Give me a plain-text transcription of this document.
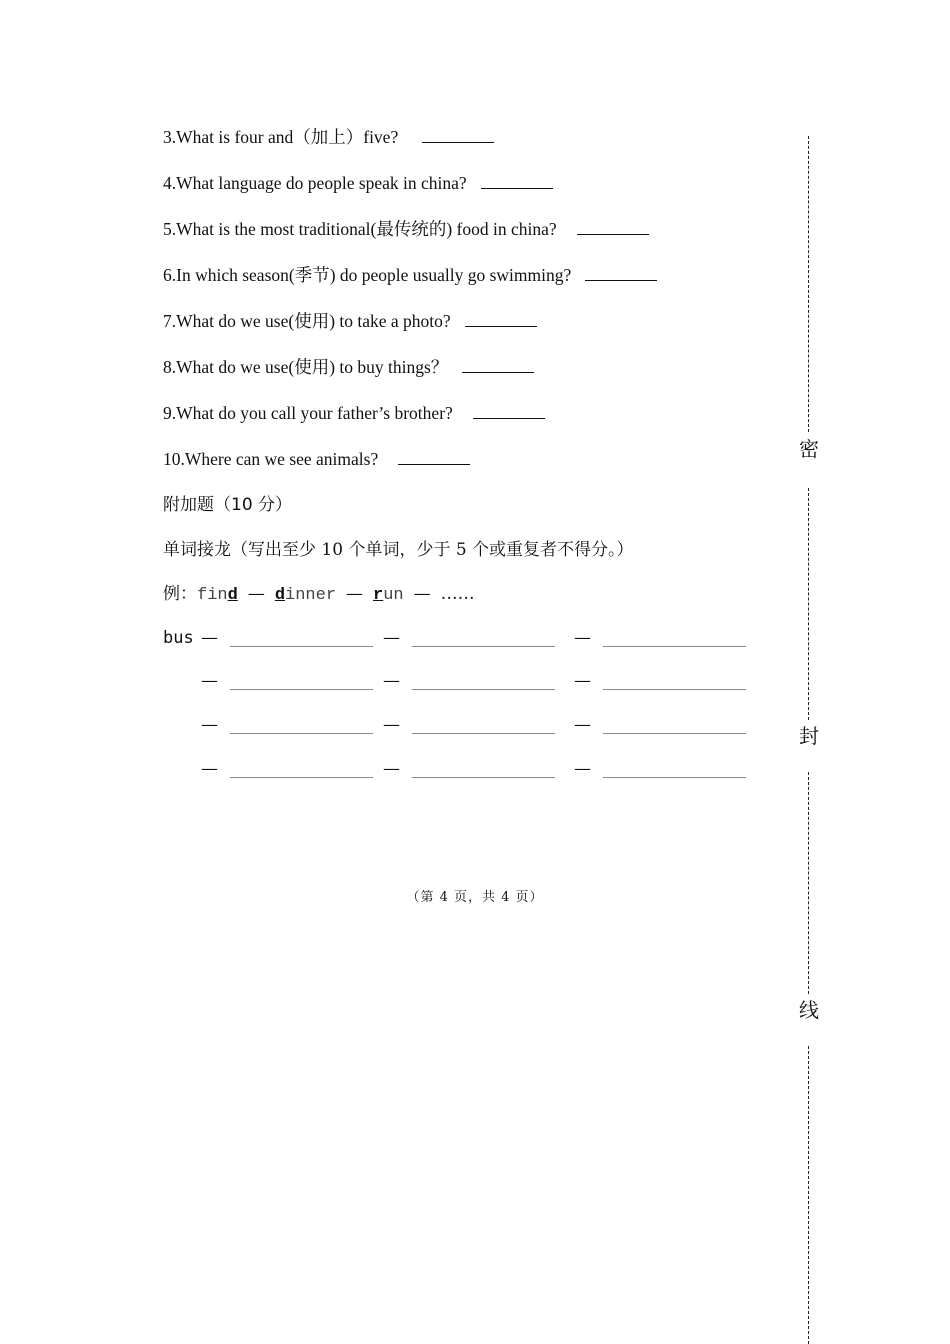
3.What is four and（加上）five?
4.What language do people speak in china?
5.What is the most traditional(最传统的) food in china?
6.In which season(季节) do people usually go swimming?
7.What do we use(使用) to take a photo?
8.What do we use(使用) to buy things？
9.What do you call your father’s brother?
10.Where can we see animals?
附加题（10 分）
单词接龙（写出至少 10 个单词，少于 5 个或重复者不得分。）
例：find — dinner — run — ……
bus —	—	—
—	—	—
—	—	—
—	—	—
（第 4 页，共 4 页）
密
封
线
